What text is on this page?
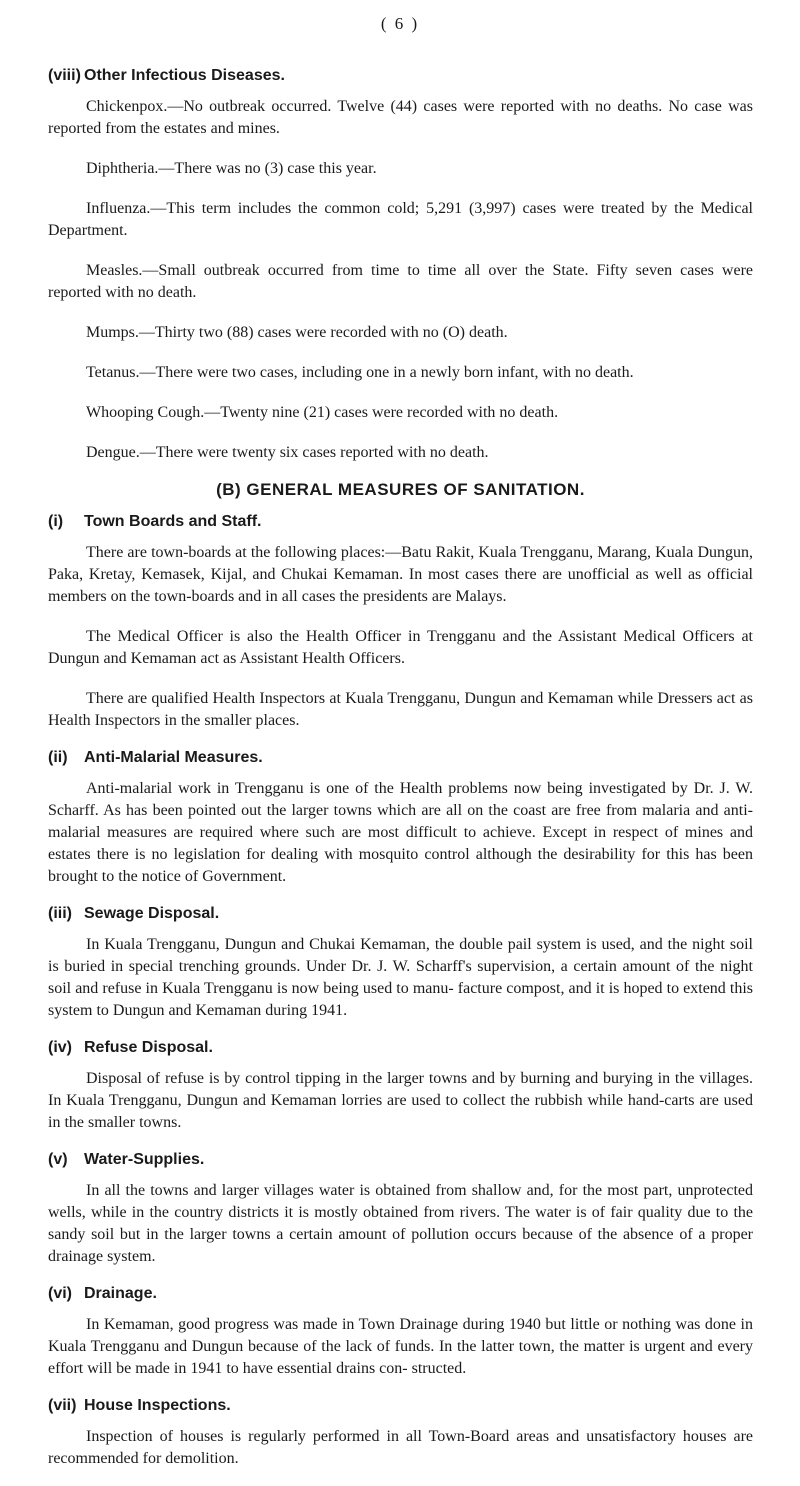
( 6 )
(viii) Other Infectious Diseases.

Chickenpox.—No outbreak occurred. Twelve (44) cases were reported with no deaths. No case was reported from the estates and mines.

Diphtheria.—There was no (3) case this year.

Influenza.—This term includes the common cold; 5,291 (3,997) cases were treated by the Medical Department.

Measles.—Small outbreak occurred from time to time all over the State. Fifty seven cases were reported with no death.

Mumps.—Thirty two (88) cases were recorded with no (O) death.

Tetanus.—There were two cases, including one in a newly born infant, with no death.

Whooping Cough.—Twenty nine (21) cases were recorded with no death.

Dengue.—There were twenty six cases reported with no death.

(B) GENERAL MEASURES OF SANITATION.
(i) Town Boards and Staff.

There are town-boards at the following places:—Batu Rakit, Kuala Trengganu, Marang, Kuala Dungun, Paka, Kretay, Kemasek, Kijal, and Chukai Kemaman. In most cases there are unofficial as well as official members on the town-boards and in all cases the presidents are Malays.

The Medical Officer is also the Health Officer in Trengganu and the Assistant Medical Officers at Dungun and Kemaman act as Assistant Health Officers.

There are qualified Health Inspectors at Kuala Trengganu, Dungun and Kemaman while Dressers act as Health Inspectors in the smaller places.

(ii) Anti-Malarial Measures.

Anti-malarial work in Trengganu is one of the Health problems now being investigated by Dr. J. W. Scharff. As has been pointed out the larger towns which are all on the coast are free from malaria and anti-malarial measures are required where such are most difficult to achieve. Except in respect of mines and estates there is no legislation for dealing with mosquito control although the desirability for this has been brought to the notice of Government.

(iii) Sewage Disposal.

In Kuala Trengganu, Dungun and Chukai Kemaman, the double pail system is used, and the night soil is buried in special trenching grounds. Under Dr. J. W. Scharff's supervision, a certain amount of the night soil and refuse in Kuala Trengganu is now being used to manu- facture compost, and it is hoped to extend this system to Dungun and Kemaman during 1941.

(iv) Refuse Disposal.

Disposal of refuse is by control tipping in the larger towns and by burning and burying in the villages. In Kuala Trengganu, Dungun and Kemaman lorries are used to collect the rubbish while hand-carts are used in the smaller towns.

(v) Water-Supplies.

In all the towns and larger villages water is obtained from shallow and, for the most part, unprotected wells, while in the country districts it is mostly obtained from rivers. The water is of fair quality due to the sandy soil but in the larger towns a certain amount of pollution occurs because of the absence of a proper drainage system.

(vi) Drainage.

In Kemaman, good progress was made in Town Drainage during 1940 but little or nothing was done in Kuala Trengganu and Dungun because of the lack of funds. In the latter town, the matter is urgent and every effort will be made in 1941 to have essential drains con- structed.

(vii) House Inspections.

Inspection of houses is regularly performed in all Town-Board areas and unsatisfactory houses are recommended for demolition.
